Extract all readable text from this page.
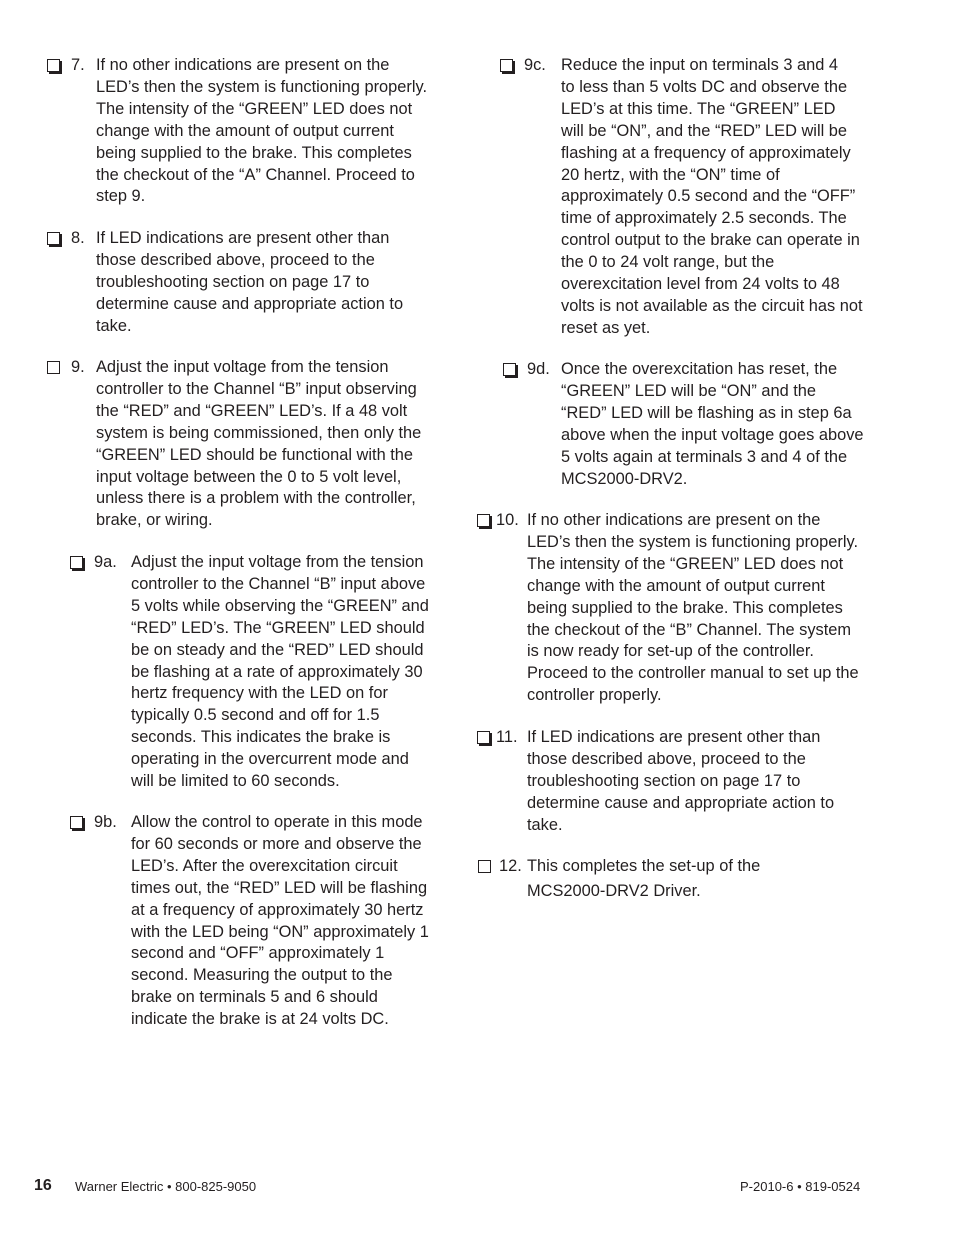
7. If no other indications are present on the
LED’s then the system is functioning properly.
The intensity of the “GREEN” LED does not
change with the amount of output current
being supplied to the brake. This completes
the checkout of the “A” Channel. Proceed to
step 9.
8. If LED indications are present other than
those described above, proceed to the
troubleshooting section on page 17 to
determine cause and appropriate action to
take.
9. Adjust the input voltage from the tension
controller to the Channel “B” input observing
the “RED” and “GREEN” LED’s. If a 48 volt
system is being commissioned, then only the
“GREEN” LED should be functional with the
input voltage between the 0 to 5 volt level,
unless there is a problem with the controller,
brake, or wiring.
9a. Adjust the input voltage from the tension
controller to the Channel “B” input above
5 volts while observing the “GREEN” and
“RED” LED’s. The “GREEN” LED should
be on steady and the “RED” LED should
be flashing at a rate of approximately 30
hertz frequency with the LED on for
typically 0.5 second and off for 1.5
seconds. This indicates the brake is
operating in the overcurrent mode and
will be limited to 60 seconds.
9b. Allow the control to operate in this mode
for 60 seconds or more and observe the
LED’s. After the overexcitation circuit
times out, the “RED” LED will be flashing
at a frequency of approximately 30 hertz
with the LED being “ON” approximately 1
second and “OFF” approximately 1
second. Measuring the output to the
brake on terminals 5 and 6 should
indicate the brake is at 24 volts DC.
9c. Reduce the input on terminals 3 and 4
to less than 5 volts DC and observe the
LED’s at this time. The “GREEN” LED
will be “ON”, and the “RED” LED will be
flashing at a frequency of approximately
20 hertz, with the “ON” time of
approximately 0.5 second and the “OFF”
time of approximately 2.5 seconds. The
control output to the brake can operate in
the 0 to 24 volt range, but the
overexcitation level from 24 volts to 48
volts is not available as the circuit has not
reset as yet.
9d. Once the overexcitation has reset, the
“GREEN” LED will be “ON” and the
“RED” LED will be flashing as in step 6a
above when the input voltage goes above
5 volts again at terminals 3 and 4 of the
MCS2000-DRV2.
10. If no other indications are present on the
LED’s then the system is functioning properly.
The intensity of the “GREEN” LED does not
change with the amount of output current
being supplied to the brake. This completes
the checkout of the “B” Channel. The system
is now ready for set-up of the controller.
Proceed to the controller manual to set up the
controller properly.
11. If LED indications are present other than
those described above, proceed to the
troubleshooting section on page 17 to
determine cause and appropriate action to
take.
12. This completes the set-up of the
MCS2000-DRV2 Driver.
16 Warner Electric • 800-825-9050	P-2010-6 • 819-0524
